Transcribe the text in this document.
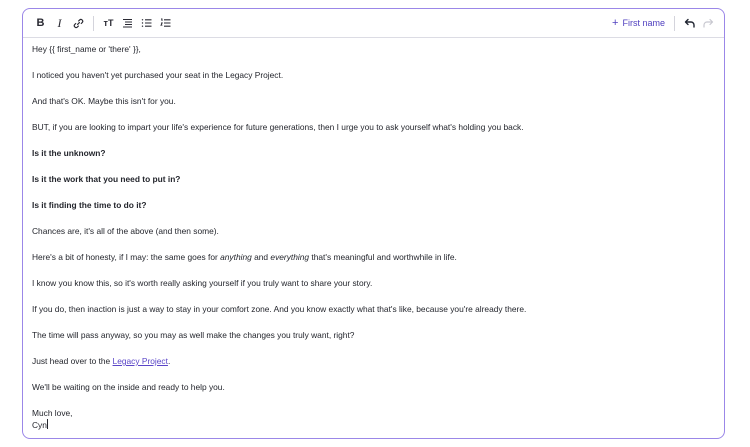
B	I	тT	+ First name

Hey {{ first_name or 'there' }},

I noticed you haven't yet purchased your seat in the Legacy Project.

And that's OK. Maybe this isn't for you.

BUT, if you are looking to impart your life's experience for future generations, then I urge you to ask yourself what's holding you back.

Is it the unknown?

Is it the work that you need to put in?

Is it finding the time to do it?

Chances are, it's all of the above (and then some).

Here's a bit of honesty, if I may: the same goes for anything and everything that's meaningful and worthwhile in life.

I know you know this, so it's worth really asking yourself if you truly want to share your story.

If you do, then inaction is just a way to stay in your comfort zone. And you know exactly what that's like, because you're already there.

The time will pass anyway, so you may as well make the changes you truly want, right?

Just head over to the Legacy Project.

We'll be waiting on the inside and ready to help you.

Much love,

Cyn
